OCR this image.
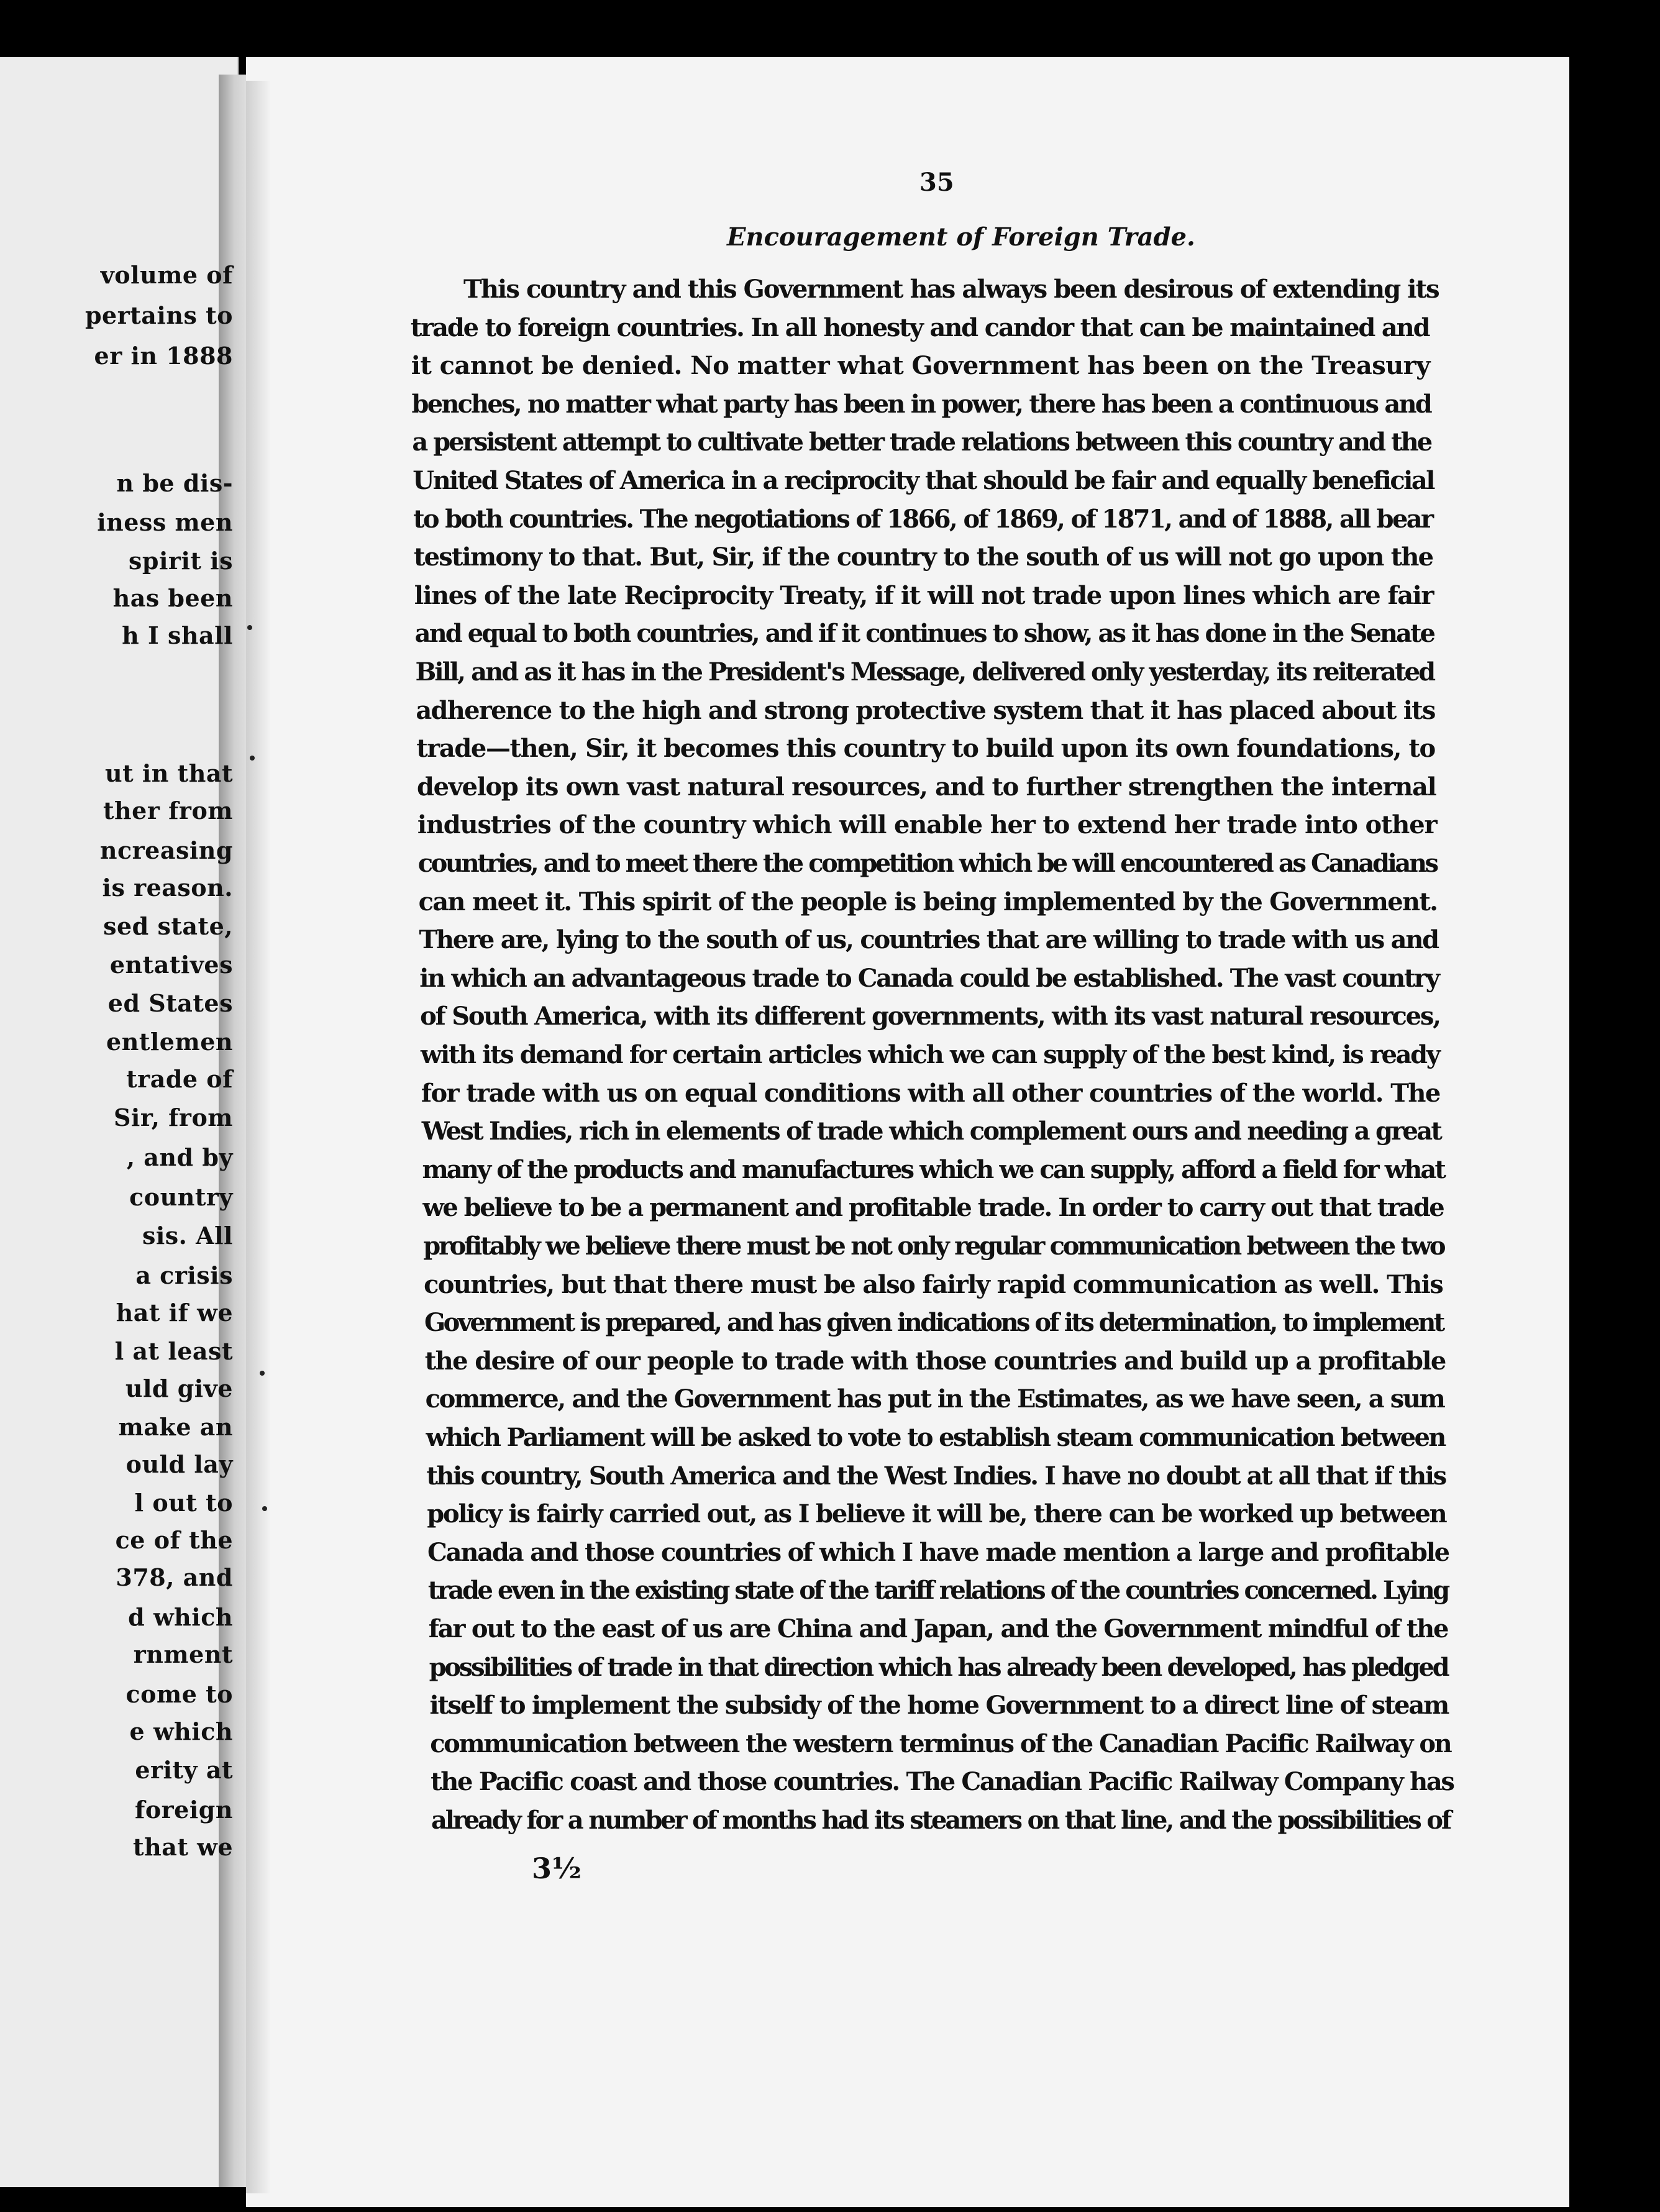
volume of
pertains to
er in 1888
n be dis-
iness men
spirit is
has been
h I shall
ut in that
ther from
ncreasing
is reason.
sed state,
entatives
ed States
entlemen
trade of
Sir, from
, and by
country
sis. All
a crisis
hat if we
l at least
uld give
make an
ould lay
l out to
ce of the
378, and
d which
rnment
come to
e which
erity at
foreign
that we
35
Encouragement of Foreign Trade.
This country and this Government has always been desirous of extending its
trade to foreign countries. In all honesty and candor that can be maintained and
it cannot be denied. No matter what Government has been on the Treasury
benches, no matter what party has been in power, there has been a continuous and
a persistent attempt to cultivate better trade relations between this country and the
United States of America in a reciprocity that should be fair and equally beneficial
to both countries. The negotiations of 1866, of 1869, of 1871, and of 1888, all bear
testimony to that. But, Sir, if the country to the south of us will not go upon the
lines of the late Reciprocity Treaty, if it will not trade upon lines which are fair
and equal to both countries, and if it continues to show, as it has done in the Senate
Bill, and as it has in the President's Message, delivered only yesterday, its reiterated
adherence to the high and strong protective system that it has placed about its
trade—then, Sir, it becomes this country to build upon its own foundations, to
develop its own vast natural resources, and to further strengthen the internal
industries of the country which will enable her to extend her trade into other
countries, and to meet there the competition which be will encountered as Canadians
can meet it. This spirit of the people is being implemented by the Government.
There are, lying to the south of us, countries that are willing to trade with us and
in which an advantageous trade to Canada could be established. The vast country
of South America, with its different governments, with its vast natural resources,
with its demand for certain articles which we can supply of the best kind, is ready
for trade with us on equal conditions with all other countries of the world. The
West Indies, rich in elements of trade which complement ours and needing a great
many of the products and manufactures which we can supply, afford a field for what
we believe to be a permanent and profitable trade. In order to carry out that trade
profitably we believe there must be not only regular communication between the two
countries, but that there must be also fairly rapid communication as well. This
Government is prepared, and has given indications of its determination, to implement
the desire of our people to trade with those countries and build up a profitable
commerce, and the Government has put in the Estimates, as we have seen, a sum
which Parliament will be asked to vote to establish steam communication between
this country, South America and the West Indies. I have no doubt at all that if this
policy is fairly carried out, as I believe it will be, there can be worked up between
Canada and those countries of which I have made mention a large and profitable
trade even in the existing state of the tariff relations of the countries concerned. Lying
far out to the east of us are China and Japan, and the Government mindful of the
possibilities of trade in that direction which has already been developed, has pledged
itself to implement the subsidy of the home Government to a direct line of steam
communication between the western terminus of the Canadian Pacific Railway on
the Pacific coast and those countries. The Canadian Pacific Railway Company has
already for a number of months had its steamers on that line, and the possibilities of
3½
